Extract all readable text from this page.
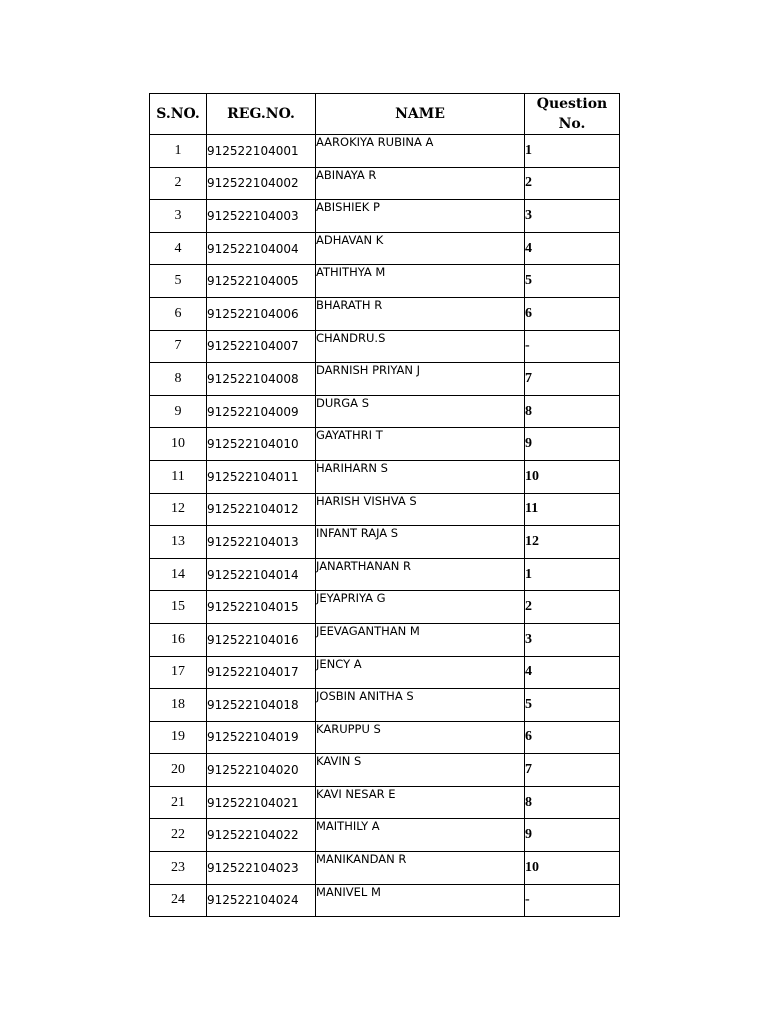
S.NO.	REG.NO.	NAME	Question
No.
1	912522104001	AAROKIYA RUBINA A	1
2	912522104002	ABINAYA R	2
3	912522104003	ABISHIEK P	3
4	912522104004	ADHAVAN K	4
5	912522104005	ATHITHYA M	5
6	912522104006	BHARATH R	6
7	912522104007	CHANDRU.S	-
8	912522104008	DARNISH PRIYAN J	7
9	912522104009	DURGA S	8
10	912522104010	GAYATHRI T	9
11	912522104011	HARIHARN S	10
12	912522104012	HARISH VISHVA S	11
13	912522104013	INFANT RAJA S	12
14	912522104014	JANARTHANAN R	1
15	912522104015	JEYAPRIYA G	2
16	912522104016	JEEVAGANTHAN M	3
17	912522104017	JENCY A	4
18	912522104018	JOSBIN ANITHA S	5
19	912522104019	KARUPPU S	6
20	912522104020	KAVIN S	7
21	912522104021	KAVI NESAR E	8
22	912522104022	MAITHILY A	9
23	912522104023	MANIKANDAN R	10
24	912522104024	MANIVEL M	-
